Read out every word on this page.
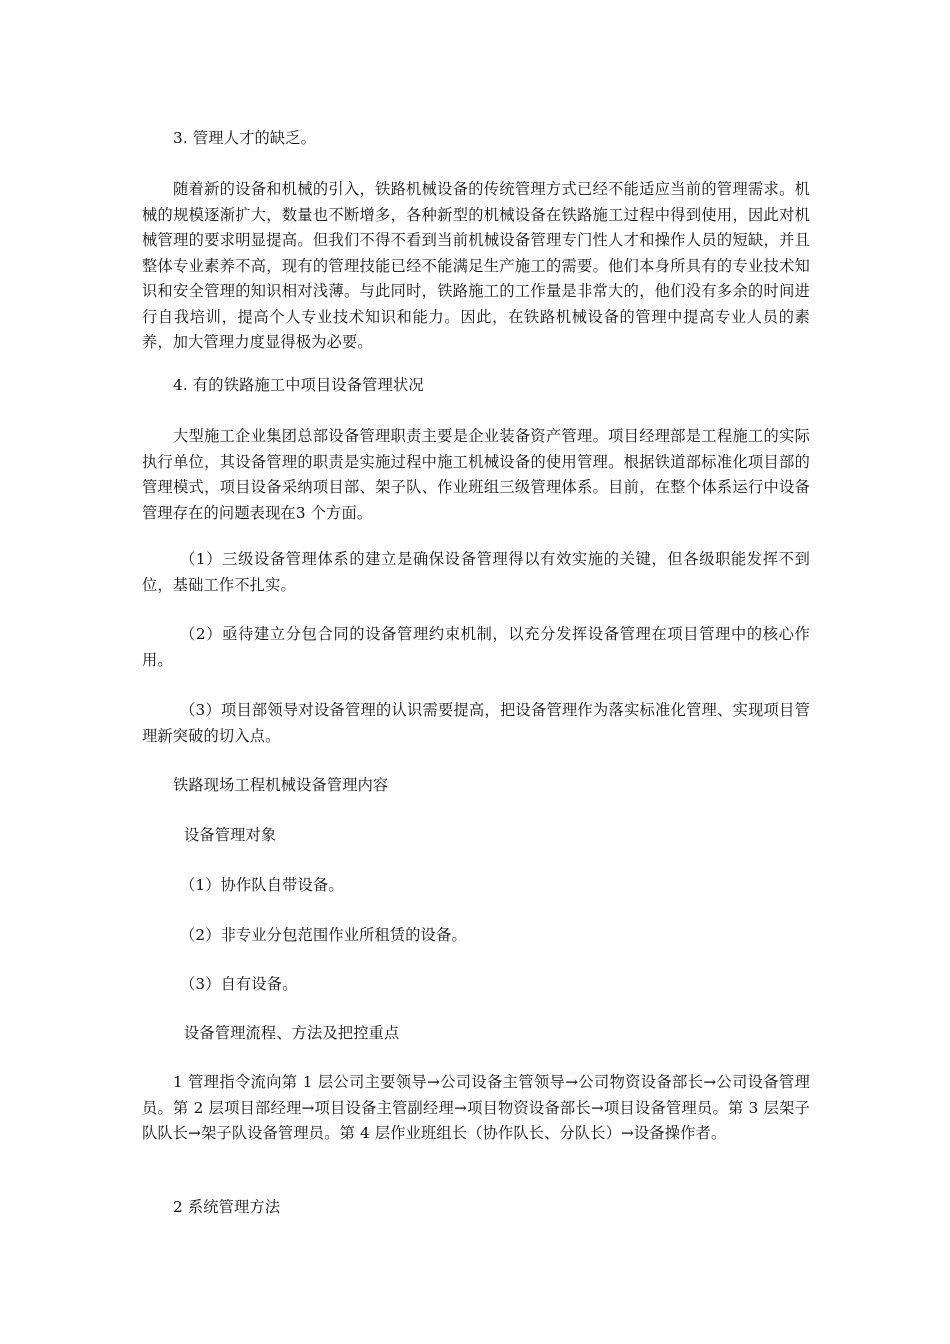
3. 管理人才的缺乏。

随着新的设备和机械的引入，铁路机械设备的传统管理方式已经不能适应当前的管理需求。机械的规模逐渐扩大，数量也不断增多，各种新型的机械设备在铁路施工过程中得到使用，因此对机械管理的要求明显提高。但我们不得不看到当前机械设备管理专门性人才和操作人员的短缺，并且整体专业素养不高，现有的管理技能已经不能满足生产施工的需要。他们本身所具有的专业技术知识和安全管理的知识相对浅薄。与此同时，铁路施工的工作量是非常大的，他们没有多余的时间进行自我培训，提高个人专业技术知识和能力。因此，在铁路机械设备的管理中提高专业人员的素养，加大管理力度显得极为必要。

4. 有的铁路施工中项目设备管理状况

大型施工企业集团总部设备管理职责主要是企业装备资产管理。项目经理部是工程施工的实际执行单位，其设备管理的职责是实施过程中施工机械设备的使用管理。根据铁道部标准化项目部的管理模式，项目设备采纳项目部、架子队、作业班组三级管理体系。目前，在整个体系运行中设备管理存在的问题表现在3 个方面。

（1）三级设备管理体系的建立是确保设备管理得以有效实施的关键，但各级职能发挥不到位，基础工作不扎实。

（2）亟待建立分包合同的设备管理约束机制，以充分发挥设备管理在项目管理中的核心作用。

（3）项目部领导对设备管理的认识需要提高，把设备管理作为落实标准化管理、实现项目管理新突破的切入点。

铁路现场工程机械设备管理内容

设备管理对象

（1）协作队自带设备。

（2）非专业分包范围作业所租赁的设备。

（3）自有设备。

设备管理流程、方法及把控重点

1 管理指令流向第 1 层公司主要领导→公司设备主管领导→公司物资设备部长→公司设备管理员。第 2 层项目部经理→项目设备主管副经理→项目物资设备部长→项目设备管理员。第 3 层架子队队长→架子队设备管理员。第 4 层作业班组长（协作队长、分队长）→设备操作者。

2 系统管理方法
